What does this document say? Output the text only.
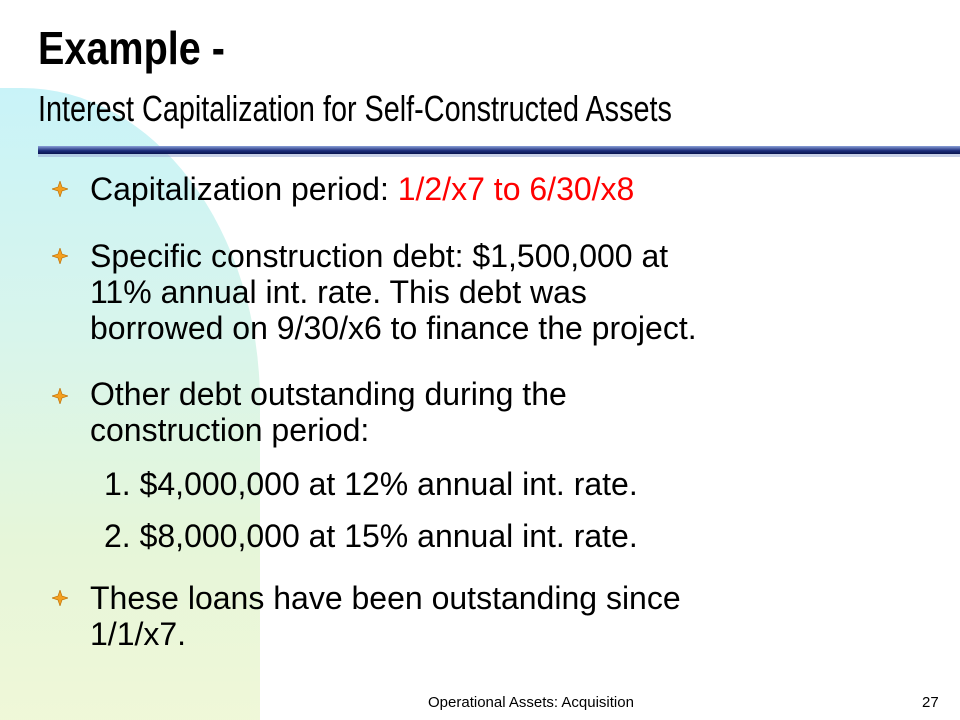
Example -
Interest Capitalization for Self-Constructed Assets
Capitalization period: 1/2/x7 to 6/30/x8
Specific construction debt: $1,500,000 at
11% annual int. rate. This debt was
borrowed on 9/30/x6 to finance the project.
Other debt outstanding during the
construction period:
1. $4,000,000 at 12% annual int. rate.
2. $8,000,000 at 15% annual int. rate.
These loans have been outstanding since
1/1/x7.
Operational Assets: Acquisition	27
